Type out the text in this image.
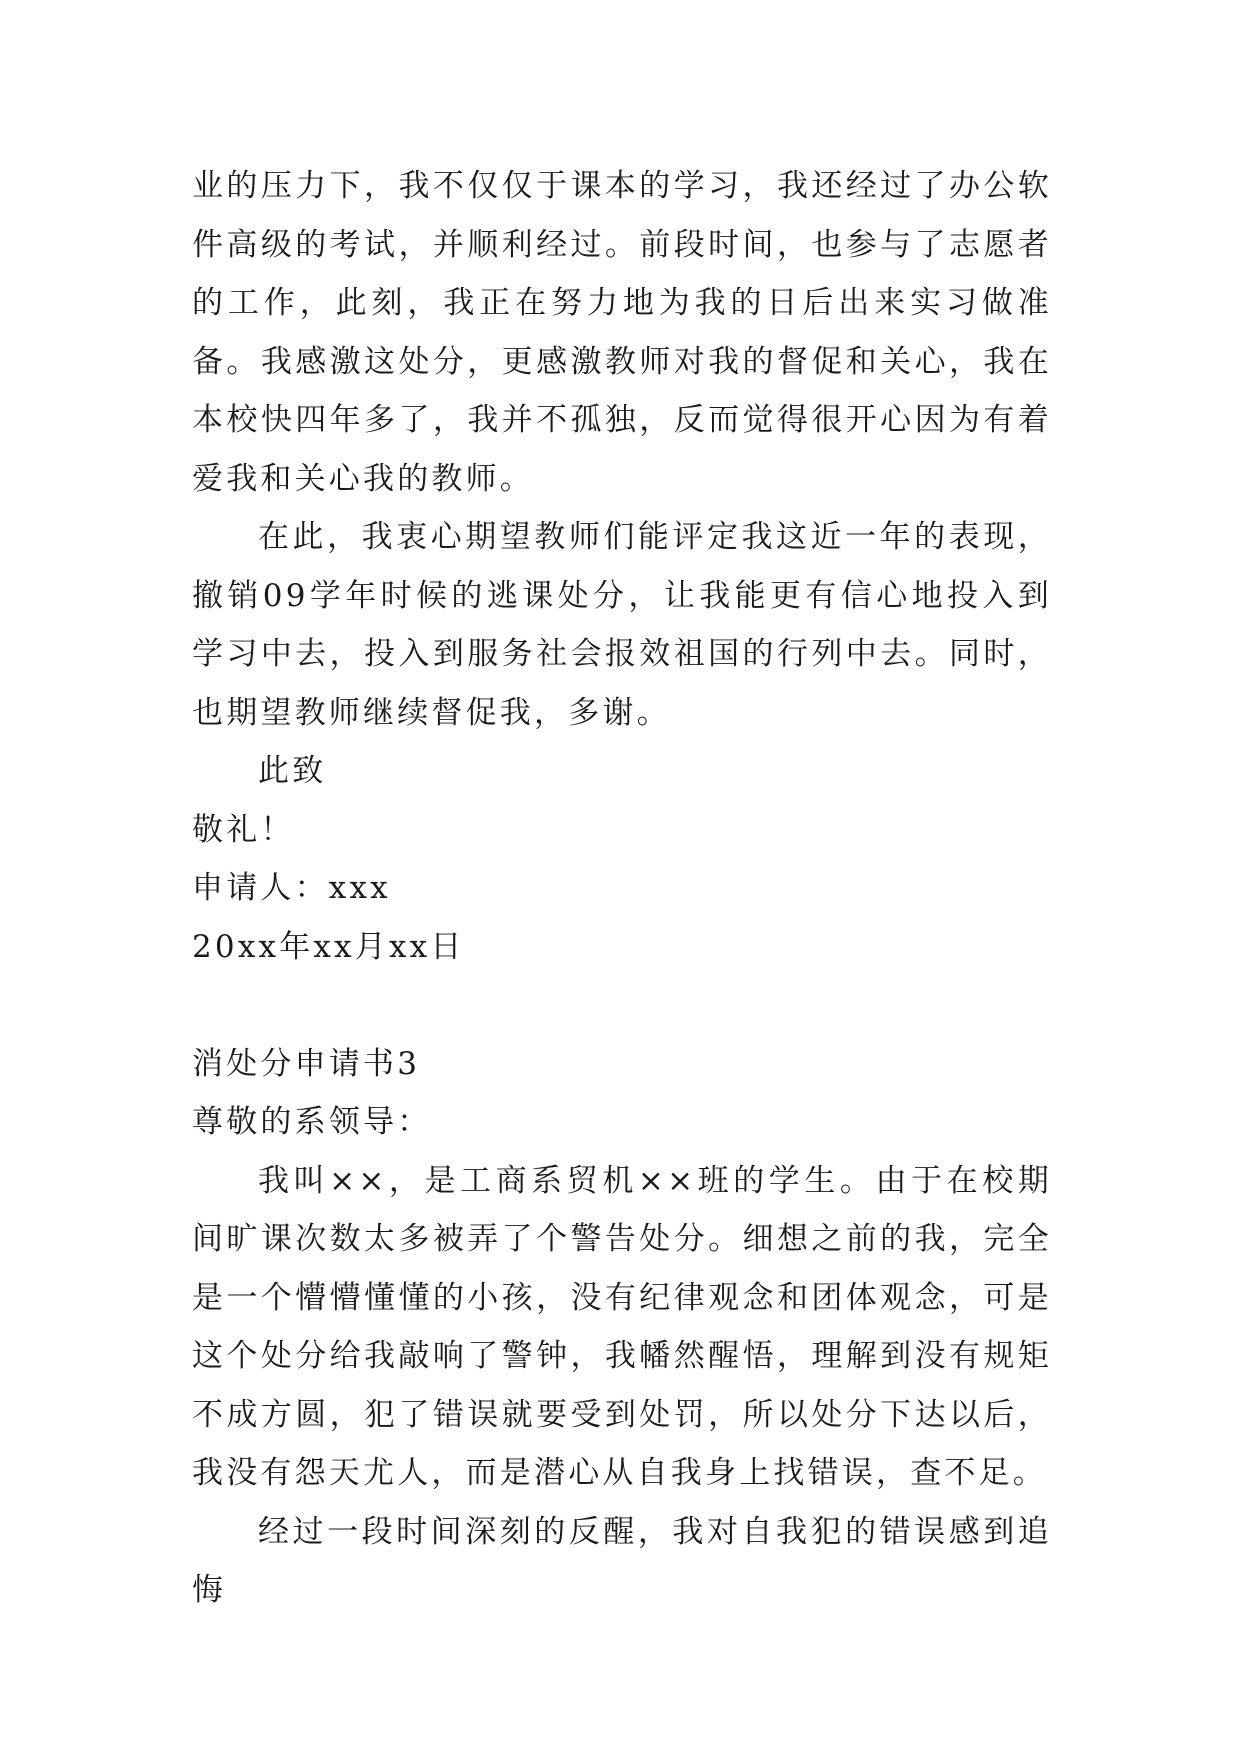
业的压力下，我不仅仅于课本的学习，我还经过了办公软件高级的考试，并顺利经过。前段时间，也参与了志愿者的工作，此刻，我正在努力地为我的日后出来实习做准备。我感激这处分，更感激教师对我的督促和关心，我在本校快四年多了，我并不孤独，反而觉得很开心因为有着爱我和关心我的教师。

在此，我衷心期望教师们能评定我这近一年的表现，撤销09学年时候的逃课处分，让我能更有信心地投入到学习中去，投入到服务社会报效祖国的行列中去。同时，也期望教师继续督促我，多谢。

此致

敬礼！

申请人：xxx

20xx年xx月xx日

消处分申请书3

尊敬的系领导：

我叫××，是工商系贸机××班的学生。由于在校期间旷课次数太多被弄了个警告处分。细想之前的我，完全是一个懵懵懂懂的小孩，没有纪律观念和团体观念，可是这个处分给我敲响了警钟，我幡然醒悟，理解到没有规矩不成方圆，犯了错误就要受到处罚，所以处分下达以后，我没有怨天尤人，而是潜心从自我身上找错误，查不足。

经过一段时间深刻的反醒，我对自我犯的错误感到追悔
